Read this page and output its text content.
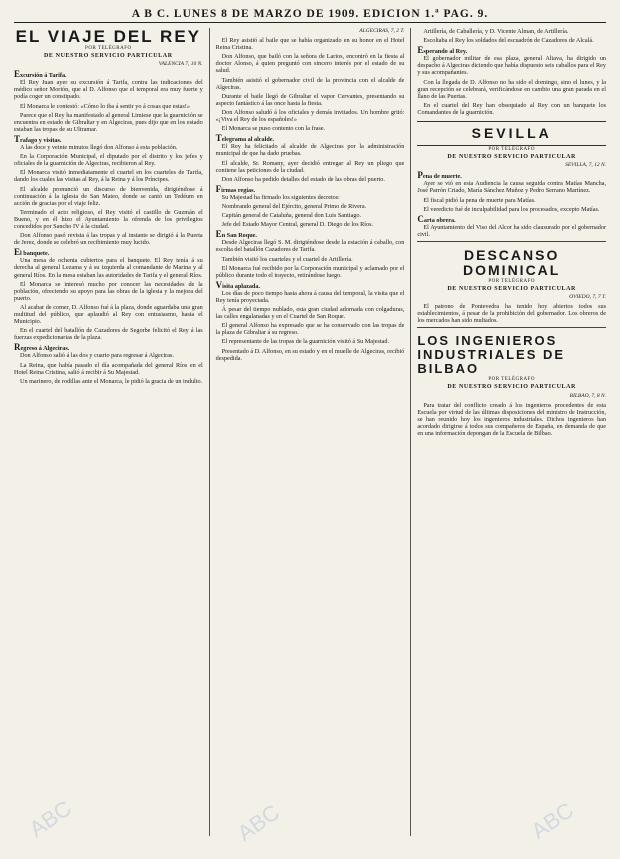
A B C. LUNES 8 DE MARZO DE 1909. EDICION 1.ª PAG. 9.
EL VIAJE DEL REY
POR TELÉGRAFO
DE NUESTRO SERVICIO PARTICULAR
VALENCIA 7, 10 N.
Excursión á Tarifa.

El Rey Juan ayer su excursión á Tarifa, contra las indicaciones del médico señor Morión, que al D. Alfonso que el temporal era muy fuerte y podía coger un constipado.

El Monarca le contestó: «Cómo lo iba á sentir yo á cosas que estas!»

Parece que el Rey ha manifestado al general Limiese que la guarnición se encuentra en estado de Gibraltar y en Algeciras, pues dijo que en los estado estaban las tropas de su Ultramar.

Trafago y visitas.

A las doce y veinte minutos llegó don Alfonso á esta población.

En la Corporación Municipal, el diputado por el distrito y los jefes y oficiales de la guarnición de Algeciras, recibieron al Rey.

El Monarca visitó inmediatamente el cuartel en los cuarteles de Tarifa, dando los cuales las visitas al Rey, á la Reina y á los Príncipes.

El alcalde pronunció un discurso de bienvenida, dirigiéndose á continuación á la iglesia de San Mateo, donde se cantó un Tedéum en acción de gracias por el viaje feliz.

Terminado el acto religioso, el Rey visitó el castillo de Guzmán el Bueno, y en él hizo el Ayuntamiento la ofrenda de los privilegios concedidos por Sancho IV á la ciudad.

Don Alfonso pasó revista á las tropas y al instante se dirigió á la Puerta de Jerez, donde se celebró un recibimiento muy lucido.

El banquete.

Una mesa de ochenta cubiertos para el banquete. El Rey tenía á su derecha al general Lezama y á su izquierda al comandante de Marina y al general Ríos. En la mesa estaban las autoridades de Tarifa y el general Ríos.

El Monarca se interesó mucho por conocer las necesidades de la población, ofreciendo su apoyo para las obras de la iglesia y la mejora del puerto.

Al acabar de comer, D. Alfonso fué á la plaza, donde aguardaba una gran multitud del público, que aplaudió al Rey con entusiasmo, hasta el Municipio.

En el cuartel del batallón de Cazadores de Segorbe felicitó el Rey á las fuerzas expedicionarias de la plaza.

Regreso á Algeciras.

Don Alfonso salió á las dos y cuarto para regresar á Algeciras.

La Reina, que había pasado el día acompañada del general Ríos en el Hotel Reina Cristina, salió á recibir á Su Majestad.

Un marinero, de rodillas ante el Monarca, le pidió la gracia de un indulto.

ALGECIRAS, 7, 2 T.

El Rey asistió al baile que se había organizado en su honor en el Hotel Reina Cristina.

Don Alfonso, que bailó con la señora de Larios, encontró en la fiesta al doctor Alonso, á quien preguntó con sincero interés por el estado de su salud.

También asistió el gobernador civil de la provincia con el alcalde de Algeciras.

Durante el baile llegó de Gibraltar el vapor Cervantes, presentando su aspecto fantástico á las once hasta la fiesta.

Don Alfonso saludó á los oficiales y demás invitados. Un hombre gritó: «¡Viva el Rey de los españoles!»

El Monarca se puso contento con la frase.

Telegrama al alcalde.

El Rey ha felicitado al alcalde de Algeciras por la administración municipal de que ha dado pruebas.

El alcalde, Sr. Romany, ayer decidió entregar al Rey un pliego que contiene las peticiones de la ciudad.

Don Alfonso ha pedido detalles del estado de las obras del puerto.

Firmas regias.

Su Majestad ha firmado los siguientes decretos:

Nombrando general del Ejército, general Primo de Rivera.

Capitán general de Cataluña, general don Luis Santiago.

Jefe del Estado Mayor Central, general D. Diego de los Ríos.

En San Roque.

Desde Algeciras llegó S. M. dirigiéndose desde la estación á caballo, con escolta del batallón Cazadores de Tarifa.

También visitó los cuarteles y el cuartel de Artillería.

El Monarca fué recibido por la Corporación municipal y aclamado por el público durante todo el trayecto, retirándose luego.

Visita aplazada.

Los días de poco tiempo hasta ahora á causa del temporal, la visita que el Rey tenía proyectada.

Á pesar del tiempo nublado, esta gran ciudad adornada con colgaduras, las calles engalanadas y en el Cuartel de San Roque.

El general Alfonso ha expresado que se ha conservado con las tropas de la plaza de Gibraltar á su regreso.

El representante de las tropas de la guarnición visitó á Su Majestad.

Presentado á D. Alfonso, en su estado y en el muelle de Algeciras, recibió despedida.

Artillería, de Caballería, y D. Vicente Alman, de Artillería.

Escoltaba el Rey los soldados del escuadrón de Cazadores de Alcalá.

Esperando al Rey.

El gobernador militar de esa plaza, general Altava, ha dirigido un despacho á Algeciras diciendo que había dispuesto seis caballos para el Rey y sus acompañantes.

Con la llegada de D. Alfonso no ha sido el domingo, sino el lunes, y la gran recepción se celebrará, verificándose en cambio una gran parada en el llano de las Puertas.

En el cuartel del Rey han obsequiado al Rey con un banquete los Comandantes de la guarnición.

SEVILLA
POR TELÉGRAFO
DE NUESTRO SERVICIO PARTICULAR
SEVILLA, 7, 12 N.
Pena de muerte.

Ayer se vió en esta Audiencia la causa seguida contra Matías Mancha, José Parrón Criado, María Sánchez Muñoz y Pedro Serrano Martínez.

El fiscal pidió la pena de muerte para Matías.

El veredicto fué de inculpabilidad para los procesados, excepto Matías.

Carta obrera.

El Ayuntamiento del Viso del Alcor ha sido clausurado por el gobernador civil.

DESCANSO DOMINICAL
POR TELÉGRAFO
DE NUESTRO SERVICIO PARTICULAR
OVIEDO, 7, 7 T.

El patrono de Pontevedra ha tenido hoy abiertos todos sus establecimientos, á pesar de la prohibición del gobernador. Los obreros de los mercados han sido multados.

LOS INGENIEROS INDUSTRIALES DE BILBAO
POR TELÉGRAFO
DE NUESTRO SERVICIO PARTICULAR
BILBAO, 7, 8 N.

Para tratar del conflicto creado á los ingenieros procedentes de esta Escuela por virtud de las últimas disposiciones del ministro de Instrucción, se han reunido hoy los ingenieros industriales. Dichos ingenieros han acordado dirigirse á todos sus compañeros de España, en demanda de que en una información depongan de la Escuela de Bilbao.

ABC	ABC	ABC
